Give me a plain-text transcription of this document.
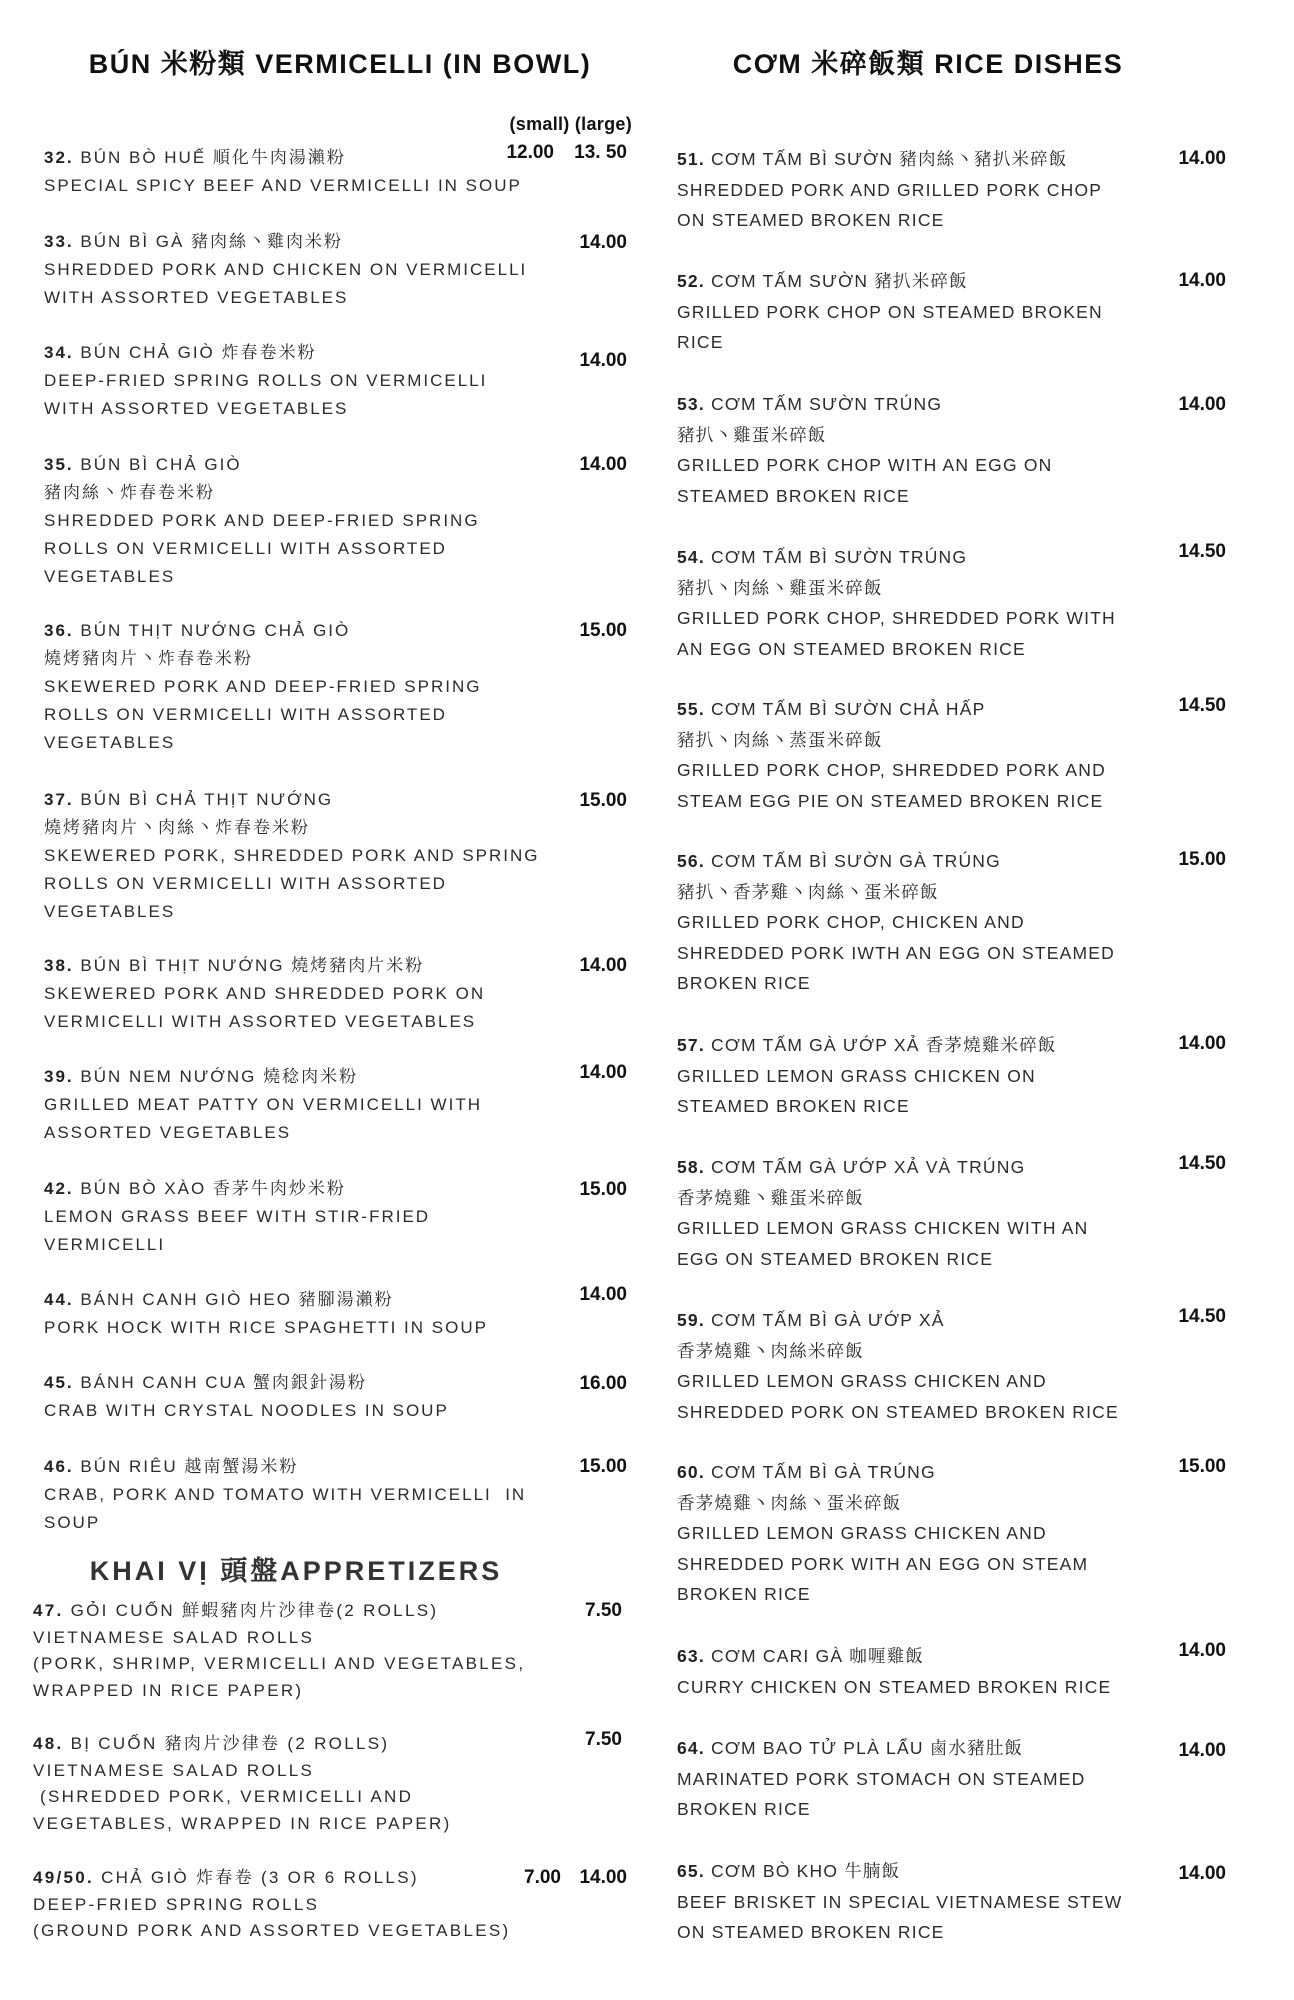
BÚN 米粉類 VERMICELLI (IN BOWL)
(small) (large)
CƠM 米碎飯類 RICE DISHES
KHAI VỊ 頭盤APPRETIZERS
32. BÚN BÒ HUẾ 順化牛肉湯瀨粉
SPECIAL SPICY BEEF AND VERMICELLI IN SOUP
12.00 13. 50
33. BÚN BÌ GÀ 豬肉絲丶雞肉米粉
SHREDDED PORK AND CHICKEN ON VERMICELLI
WITH ASSORTED VEGETABLES
14.00
34. BÚN CHẢ GIÒ 炸春卷米粉
DEEP-FRIED SPRING ROLLS ON VERMICELLI
WITH ASSORTED VEGETABLES
14.00
35. BÚN BÌ CHẢ GIÒ
豬肉絲丶炸春卷米粉
SHREDDED PORK AND DEEP-FRIED SPRING
ROLLS ON VERMICELLI WITH ASSORTED
VEGETABLES
14.00
36. BÚN THỊT NƯỚNG CHẢ GIÒ
燒烤豬肉片丶炸春卷米粉
SKEWERED PORK AND DEEP-FRIED SPRING
ROLLS ON VERMICELLI WITH ASSORTED
VEGETABLES
15.00
37. BÚN BÌ CHẢ THỊT NƯỚNG
燒烤豬肉片丶肉絲丶炸春卷米粉
SKEWERED PORK, SHREDDED PORK AND SPRING
ROLLS ON VERMICELLI WITH ASSORTED
VEGETABLES
15.00
38. BÚN BÌ THỊT NƯỚNG 燒烤豬肉片米粉
SKEWERED PORK AND SHREDDED PORK ON
VERMICELLI WITH ASSORTED VEGETABLES
14.00
39. BÚN NEM NƯỚNG 燒稔肉米粉
GRILLED MEAT PATTY ON VERMICELLI WITH
ASSORTED VEGETABLES
14.00
42. BÚN BÒ XÀO 香茅牛肉炒米粉
LEMON GRASS BEEF WITH STIR-FRIED
VERMICELLI
15.00
44. BÁNH CANH GIÒ HEO 豬腳湯瀨粉
PORK HOCK WITH RICE SPAGHETTI IN SOUP
14.00
45. BÁNH CANH CUA 蟹肉銀針湯粉
CRAB WITH CRYSTAL NOODLES IN SOUP
16.00
46. BÚN RIÊU 越南蟹湯米粉
CRAB, PORK AND TOMATO WITH VERMICELLI  IN
SOUP
15.00
47. GỎI CUỐN 鮮蝦豬肉片沙律卷(2 ROLLS)
VIETNAMESE SALAD ROLLS
(PORK, SHRIMP, VERMICELLI AND VEGETABLES,
WRAPPED IN RICE PAPER)
7.50
48. BỊ CUỐN 豬肉片沙律卷 (2 ROLLS)
VIETNAMESE SALAD ROLLS
(SHREDDED PORK, VERMICELLI AND
VEGETABLES, WRAPPED IN RICE PAPER)
7.50
49/50. CHẢ GIÒ 炸春卷 (3 OR 6 ROLLS)
DEEP-FRIED SPRING ROLLS
(GROUND PORK AND ASSORTED VEGETABLES)
7.00 14.00
51. CƠM TẤM BÌ SƯỜN 豬肉絲丶豬扒米碎飯
SHREDDED PORK AND GRILLED PORK CHOP
ON STEAMED BROKEN RICE
14.00
52. CƠM TẤM SƯỜN 豬扒米碎飯
GRILLED PORK CHOP ON STEAMED BROKEN
RICE
14.00
53. CƠM TẤM SƯỜN TRÚNG
豬扒丶雞蛋米碎飯
GRILLED PORK CHOP WITH AN EGG ON
STEAMED BROKEN RICE
14.00
54. CƠM TẤM BÌ SƯỜN TRÚNG
豬扒丶肉絲丶雞蛋米碎飯
GRILLED PORK CHOP, SHREDDED PORK WITH
AN EGG ON STEAMED BROKEN RICE
14.50
55. CƠM TẤM BÌ SƯỜN CHẢ HẤP
豬扒丶肉絲丶蒸蛋米碎飯
GRILLED PORK CHOP, SHREDDED PORK AND
STEAM EGG PIE ON STEAMED BROKEN RICE
14.50
56. CƠM TẤM BÌ SƯỜN GÀ TRÚNG
豬扒丶香茅雞丶肉絲丶蛋米碎飯
GRILLED PORK CHOP, CHICKEN AND
SHREDDED PORK IWTH AN EGG ON STEAMED
BROKEN RICE
15.00
57. CƠM TẤM GÀ ƯỚP XẢ 香茅燒雞米碎飯
GRILLED LEMON GRASS CHICKEN ON
STEAMED BROKEN RICE
14.00
58. CƠM TẤM GÀ ƯỚP XẢ VÀ TRÚNG
香茅燒雞丶雞蛋米碎飯
GRILLED LEMON GRASS CHICKEN WITH AN
EGG ON STEAMED BROKEN RICE
14.50
59. CƠM TẤM BÌ GÀ ƯỚP XẢ
香茅燒雞丶肉絲米碎飯
GRILLED LEMON GRASS CHICKEN AND
SHREDDED PORK ON STEAMED BROKEN RICE
14.50
60. CƠM TẤM BÌ GÀ TRÚNG
香茅燒雞丶肉絲丶蛋米碎飯
GRILLED LEMON GRASS CHICKEN AND
SHREDDED PORK WITH AN EGG ON STEAM
BROKEN RICE
15.00
63. CƠM CARI GÀ 咖喱雞飯
CURRY CHICKEN ON STEAMED BROKEN RICE
14.00
64. CƠM BAO TỬ PLÀ LẨU 鹵水豬肚飯
MARINATED PORK STOMACH ON STEAMED
BROKEN RICE
14.00
65. CƠM BÒ KHO 牛腩飯
BEEF BRISKET IN SPECIAL VIETNAMESE STEW
ON STEAMED BROKEN RICE
14.00
